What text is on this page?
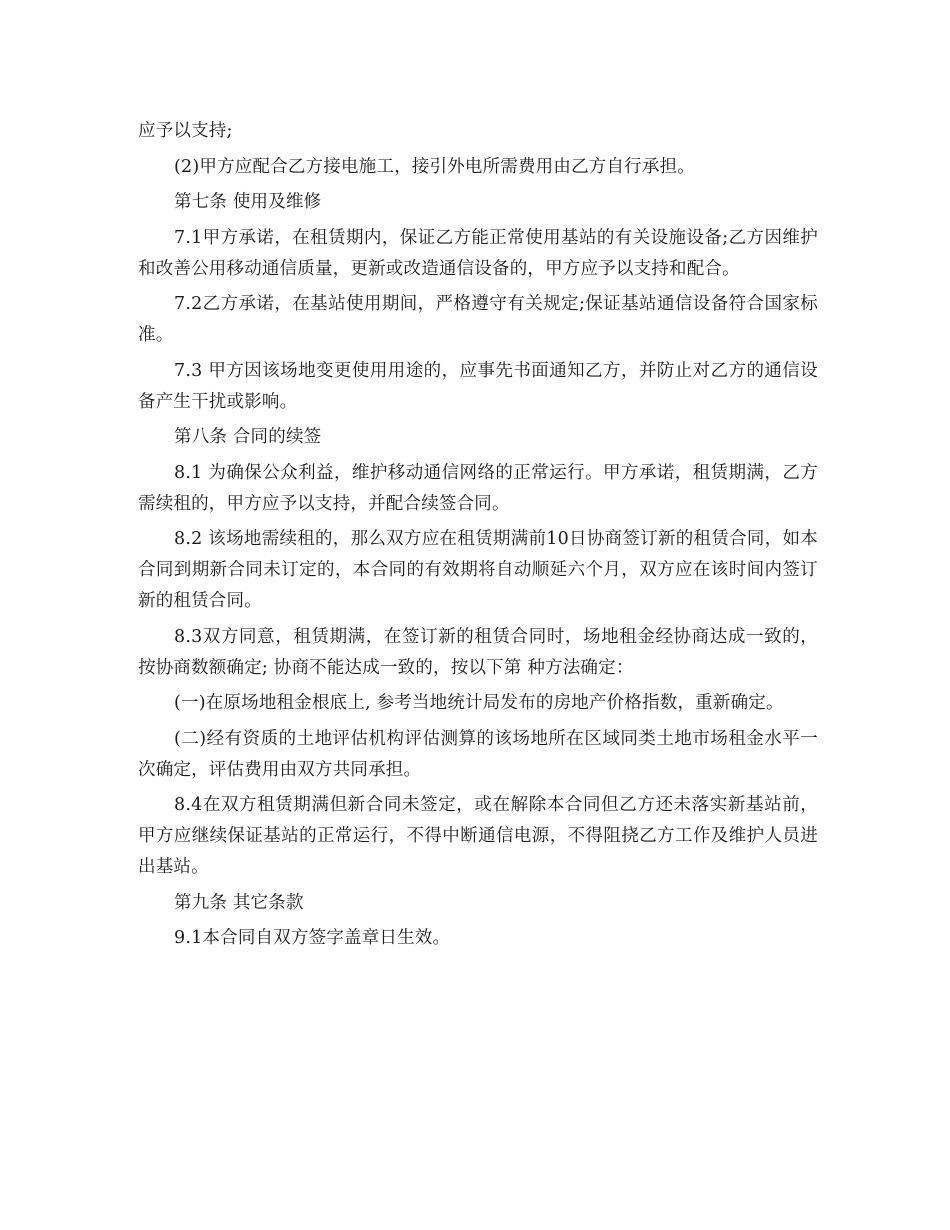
应予以支持;

(2)甲方应配合乙方接电施工，接引外电所需费用由乙方自行承担。

第七条 使用及维修

7.1甲方承诺，在租赁期内，保证乙方能正常使用基站的有关设施设备;乙方因维护和改善公用移动通信质量，更新或改造通信设备的，甲方应予以支持和配合。

7.2乙方承诺，在基站使用期间，严格遵守有关规定;保证基站通信设备符合国家标准。

7.3 甲方因该场地变更使用用途的，应事先书面通知乙方，并防止对乙方的通信设备产生干扰或影响。

第八条 合同的续签

8.1 为确保公众利益，维护移动通信网络的正常运行。甲方承诺，租赁期满，乙方需续租的，甲方应予以支持，并配合续签合同。

8.2 该场地需续租的，那么双方应在租赁期满前10日协商签订新的租赁合同，如本合同到期新合同未订定的，本合同的有效期将自动顺延六个月，双方应在该时间内签订新的租赁合同。

8.3双方同意，租赁期满，在签订新的租赁合同时，场地租金经协商达成一致的，按协商数额确定; 协商不能达成一致的，按以下第 种方法确定：

(一)在原场地租金根底上, 参考当地统计局发布的房地产价格指数，重新确定。

(二)经有资质的土地评估机构评估测算的该场地所在区域同类土地市场租金水平一次确定，评估费用由双方共同承担。

8.4在双方租赁期满但新合同未签定，或在解除本合同但乙方还未落实新基站前，甲方应继续保证基站的正常运行，不得中断通信电源，不得阻挠乙方工作及维护人员进出基站。

第九条 其它条款

9.1本合同自双方签字盖章日生效。
